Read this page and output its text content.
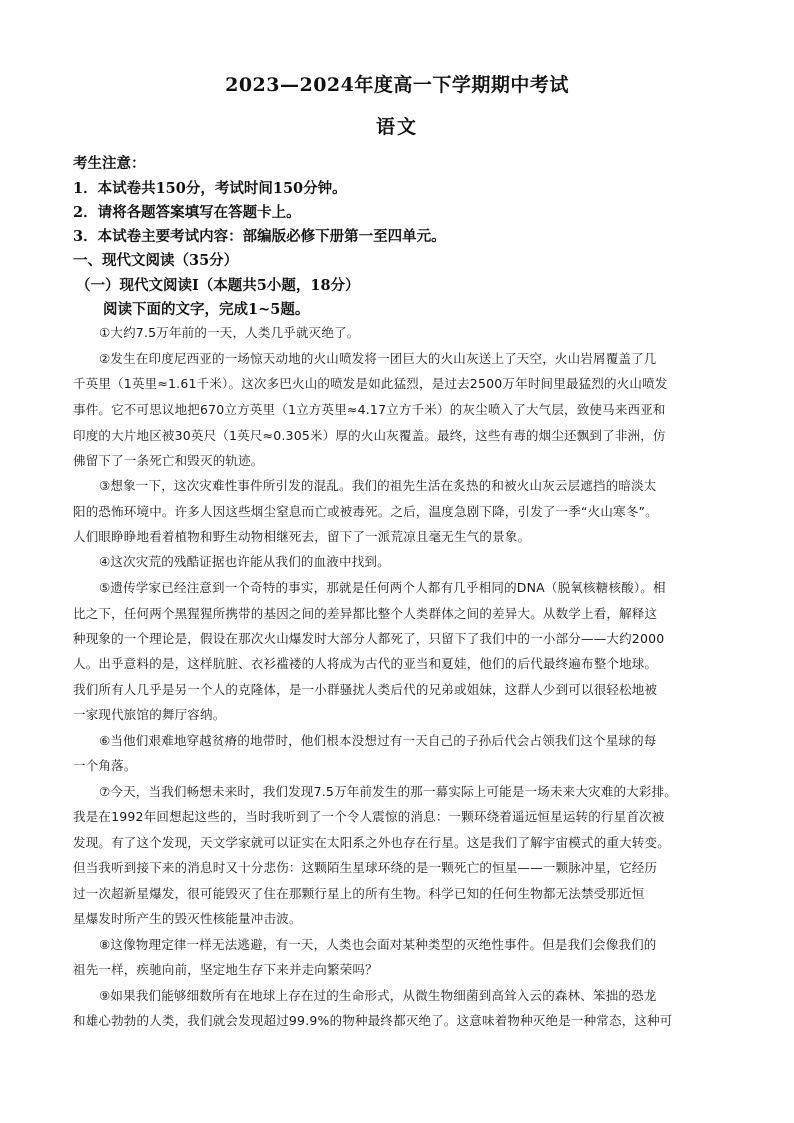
2023—2024年度高一下学期期中考试
语文
考生注意：
1．本试卷共150分，考试时间150分钟。
2．请将各题答案填写在答题卡上。
3．本试卷主要考试内容：部编版必修下册第一至四单元。
一、现代文阅读（35分）
（一）现代文阅读Ⅰ（本题共5小题，18分）
阅读下面的文字，完成1~5题。
①大约7.5万年前的一天，人类几乎就灭绝了。
②发生在印度尼西亚的一场惊天动地的火山喷发将一团巨大的火山灰送上了天空，火山岩屑覆盖了几
千英里（1英里≈1.61千米）。这次多巴火山的喷发是如此猛烈，是过去2500万年时间里最猛烈的火山喷发
事件。它不可思议地把670立方英里（1立方英里≈4.17立方千米）的灰尘喷入了大气层，致使马来西亚和
印度的大片地区被30英尺（1英尺≈0.305米）厚的火山灰覆盖。最终，这些有毒的烟尘还飘到了非洲，仿
佛留下了一条死亡和毁灭的轨迹。
③想象一下，这次灾难性事件所引发的混乱。我们的祖先生活在炙热的和被火山灰云层遮挡的暗淡太
阳的恐怖环境中。许多人因这些烟尘窒息而亡或被毒死。之后，温度急剧下降，引发了一季“火山寒冬”。
人们眼睁睁地看着植物和野生动物相继死去，留下了一派荒凉且毫无生气的景象。
④这次灾荒的残酷证据也许能从我们的血液中找到。
⑤遗传学家已经注意到一个奇特的事实，那就是任何两个人都有几乎相同的DNA（脱氧核糖核酸）。相
比之下，任何两个黑猩猩所携带的基因之间的差异都比整个人类群体之间的差异大。从数学上看，解释这
种现象的一个理论是，假设在那次火山爆发时大部分人都死了，只留下了我们中的一小部分——大约2000
人。出乎意料的是，这样肮脏、衣衫褴褛的人将成为古代的亚当和夏娃，他们的后代最终遍布整个地球。
我们所有人几乎是另一个人的克隆体，是一小群骚扰人类后代的兄弟或姐妹，这群人少到可以很轻松地被
一家现代旅馆的舞厅容纳。
⑥当他们艰难地穿越贫瘠的地带时，他们根本没想过有一天自己的子孙后代会占领我们这个星球的每
一个角落。
⑦今天，当我们畅想未来时，我们发现7.5万年前发生的那一幕实际上可能是一场未来大灾难的大彩排。
我是在1992年回想起这些的，当时我听到了一个令人震惊的消息：一颗环绕着遥远恒星运转的行星首次被
发现。有了这个发现，天文学家就可以证实在太阳系之外也存在行星。这是我们了解宇宙模式的重大转变。
但当我听到接下来的消息时又十分悲伤：这颗陌生星球环绕的是一颗死亡的恒星——一颗脉冲星，它经历
过一次超新星爆发，很可能毁灭了住在那颗行星上的所有生物。科学已知的任何生物都无法禁受那近恒
星爆发时所产生的毁灭性核能量冲击波。
⑧这像物理定律一样无法逃避，有一天，人类也会面对某种类型的灭绝性事件。但是我们会像我们的
祖先一样，疾驰向前，坚定地生存下来并走向繁荣吗？
⑨如果我们能够细数所有在地球上存在过的生命形式，从微生物细菌到高耸入云的森林、笨拙的恐龙
和雄心勃勃的人类，我们就会发现超过99.9%的物种最终都灭绝了。这意味着物种灭绝是一种常态，这种可
